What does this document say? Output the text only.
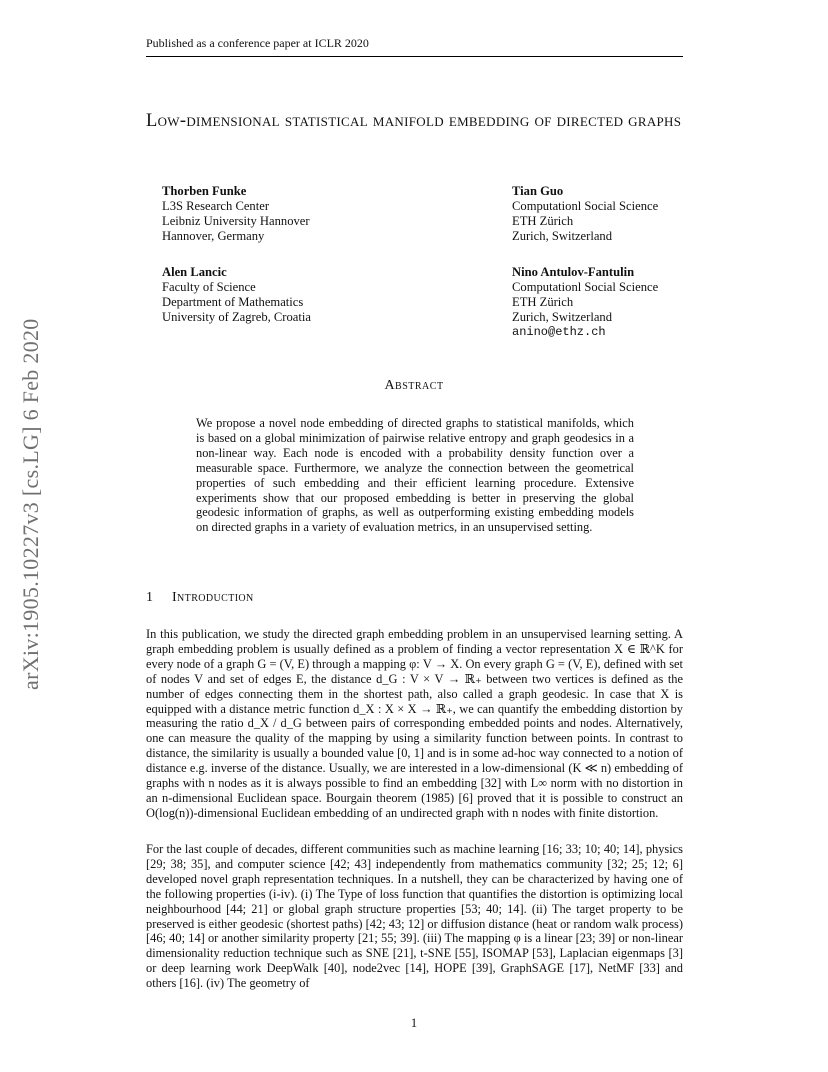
Published as a conference paper at ICLR 2020
arXiv:1905.10227v3 [cs.LG] 6 Feb 2020
Low-dimensional statistical manifold embedding of directed graphs
Thorben Funke
L3S Research Center
Leibniz University Hannover
Hannover, Germany
Tian Guo
Computationl Social Science
ETH Zürich
Zurich, Switzerland
Alen Lancic
Faculty of Science
Department of Mathematics
University of Zagreb, Croatia
Nino Antulov-Fantulin
Computationl Social Science
ETH Zürich
Zurich, Switzerland
anino@ethz.ch
Abstract

We propose a novel node embedding of directed graphs to statistical manifolds, which is based on a global minimization of pairwise relative entropy and graph geodesics in a non-linear way. Each node is encoded with a probability density function over a measurable space. Furthermore, we analyze the connection between the geometrical properties of such embedding and their efficient learning procedure. Extensive experiments show that our proposed embedding is better in preserving the global geodesic information of graphs, as well as outperforming existing embedding models on directed graphs in a variety of evaluation metrics, in an unsupervised setting.

1 Introduction

In this publication, we study the directed graph embedding problem in an unsupervised learning setting. A graph embedding problem is usually defined as a problem of finding a vector representation X ∈ ℝ^K for every node of a graph G = (V, E) through a mapping φ: V → X. On every graph G = (V, E), defined with set of nodes V and set of edges E, the distance d_G : V × V → ℝ₊ between two vertices is defined as the number of edges connecting them in the shortest path, also called a graph geodesic. In case that X is equipped with a distance metric function d_X : X × X → ℝ₊, we can quantify the embedding distortion by measuring the ratio d_X / d_G between pairs of corresponding embedded points and nodes. Alternatively, one can measure the quality of the mapping by using a similarity function between points. In contrast to distance, the similarity is usually a bounded value [0, 1] and is in some ad-hoc way connected to a notion of distance e.g. inverse of the distance. Usually, we are interested in a low-dimensional (K ≪ n) embedding of graphs with n nodes as it is always possible to find an embedding [32] with L∞ norm with no distortion in an n-dimensional Euclidean space. Bourgain theorem (1985) [6] proved that it is possible to construct an O(log(n))-dimensional Euclidean embedding of an undirected graph with n nodes with finite distortion.

For the last couple of decades, different communities such as machine learning [16; 33; 10; 40; 14], physics [29; 38; 35], and computer science [42; 43] independently from mathematics community [32; 25; 12; 6] developed novel graph representation techniques. In a nutshell, they can be characterized by having one of the following properties (i-iv). (i) The Type of loss function that quantifies the distortion is optimizing local neighbourhood [44; 21] or global graph structure properties [53; 40; 14]. (ii) The target property to be preserved is either geodesic (shortest paths) [42; 43; 12] or diffusion distance (heat or random walk process) [46; 40; 14] or another similarity property [21; 55; 39]. (iii) The mapping φ is a linear [23; 39] or non-linear dimensionality reduction technique such as SNE [21], t-SNE [55], ISOMAP [53], Laplacian eigenmaps [3] or deep learning work DeepWalk [40], node2vec [14], HOPE [39], GraphSAGE [17], NetMF [33] and others [16]. (iv) The geometry of

1
